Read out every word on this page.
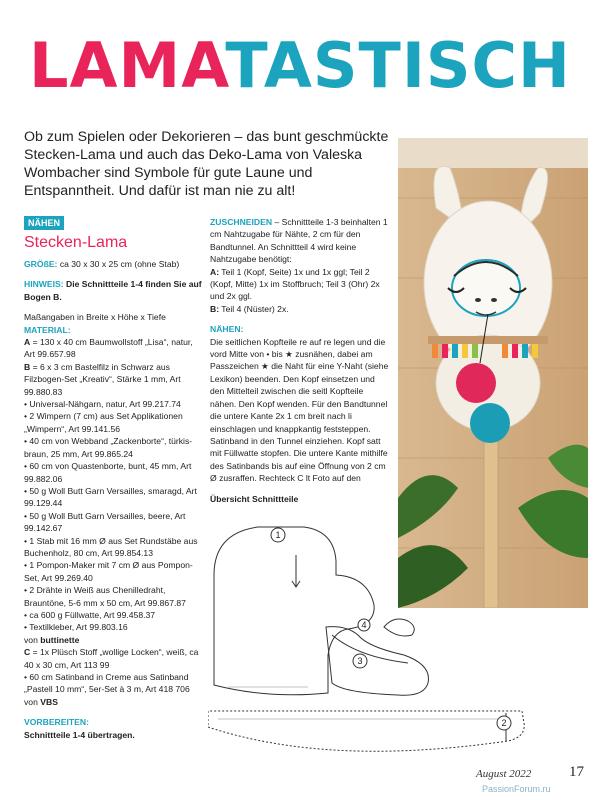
LAMATASTISCH

Ob zum Spielen oder Dekorieren – das bunt geschmückte Stecken-Lama und auch das Deko-Lama von Valeska Wombacher sind Symbole für gute Laune und Entspanntheit. Und dafür ist man nie zu alt!

NÄHEN
Stecken-Lama

GRÖßE: ca 30 x 30 x 25 cm (ohne Stab)

HINWEIS: Die Schnittteile 1-4 finden Sie auf Bogen B.

Maßangaben in Breite x Höhe x Tiefe

MATERIAL:

A = 130 x 40 cm Baumwollstoff „Lisa“, natur, Art 99.657.98

B = 6 x 3 cm Bastelfilz in Schwarz aus Filzbogen-Set „Kreativ“, Stärke 1 mm, Art 99.880.83

• Universal-Nähgarn, natur, Art 99.217.74

• 2 Wimpern (7 cm) aus Set Applikationen „Wimpern“, Art 99.141.56

• 40 cm von Webband „Zackenborte“, türkis-braun, 25 mm, Art 99.865.24

• 60 cm von Quastenborte, bunt, 45 mm, Art 99.882.06

• 50 g Woll Butt Garn Versailles, smaragd, Art 99.129.44

• 50 g Woll Butt Garn Versailles, beere, Art 99.142.67

• 1 Stab mit 16 mm Ø aus Set Rundstäbe aus Buchenholz, 80 cm, Art 99.854.13

• 1 Pompon-Maker mit 7 cm Ø aus Pompon-Set, Art 99.269.40

• 2 Drähte in Weiß aus Chenilledraht, Brauntöne, 5-6 mm x 50 cm, Art 99.867.87

• ca 600 g Füllwatte, Art 99.458.37

• Textilkleber, Art 99.803.16

von buttinette

C = 1x Plüsch Stoff „wollige Locken“, weiß, ca 40 x 30 cm, Art 113 99

• 60 cm Satinband in Creme aus Satinband „Pastell 10 mm“, 5er-Set à 3 m, Art 418 706

von VBS

VORBEREITEN:

Schnittteile 1-4 übertragen.

ZUSCHNEIDEN – Schnittteile 1-3 beinhalten 1 cm Nahtzugabe für Nähte, 2 cm für den Bandtunnel. An Schnittteil 4 wird keine Nahtzugabe benötigt:

A: Teil 1 (Kopf, Seite) 1x und 1x ggl; Teil 2 (Kopf, Mitte) 1x im Stoffbruch; Teil 3 (Ohr) 2x und 2x ggl.

B: Teil 4 (Nüster) 2x.

NÄHEN:

Die seitlichen Kopfteile re auf re legen und die vord Mitte von • bis ★ zusnähen, dabei am Passzeichen ★ die Naht für eine Y-Naht (siehe Lexikon) beenden. Den Kopf einsetzen und den Mittelteil zwischen die seitl Kopfteile nähen. Den Kopf wenden. Für den Bandtunnel die untere Kante 2x 1 cm breit nach li einschlagen und knappkantig feststeppen. Satinband in den Tunnel einziehen. Kopf satt mit Füllwatte stopfen. Die untere Kante mithilfe des Satinbands bis auf eine Öffnung von 2 cm Ø zusraffen. Rechteck C lt Foto auf den

Übersicht Schnittteile

1
2
3
4
August 2022	17
PassionForum.ru
